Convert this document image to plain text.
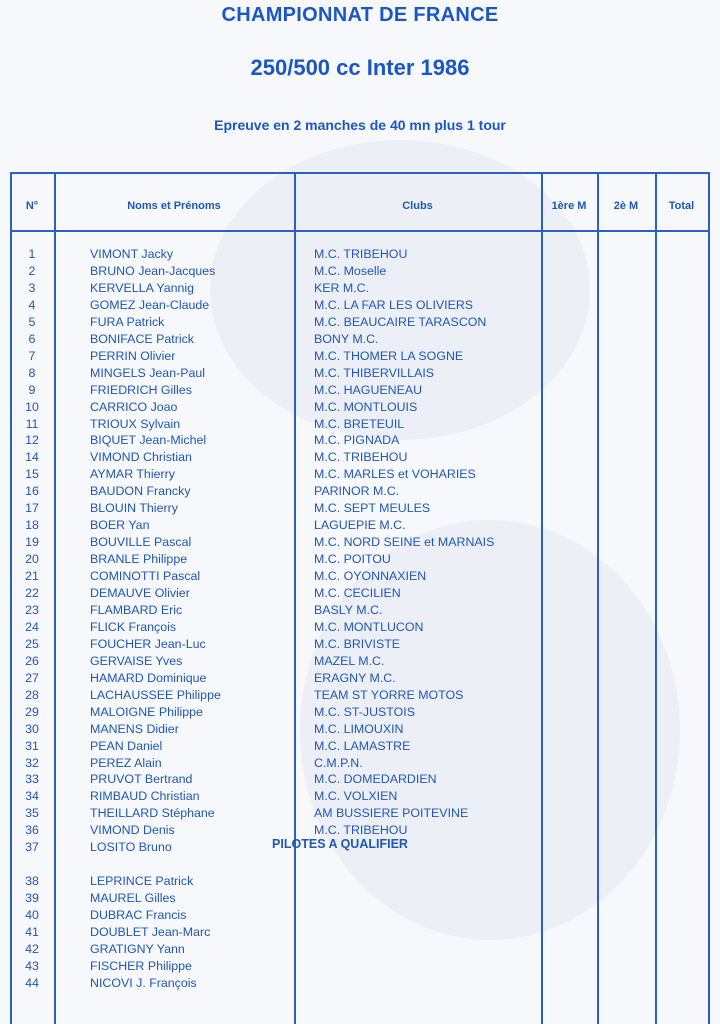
CHAMPIONNAT DE FRANCE
250/500 cc Inter 1986
Epreuve en 2 manches de 40 mn plus 1 tour
N°	Noms et Prénoms	Clubs	1ère M	2è M	Total
1	VIMONT Jacky	M.C. TRIBEHOU
2	BRUNO Jean-Jacques	M.C. Moselle
3	KERVELLA Yannig	KER M.C.
4	GOMEZ Jean-Claude	M.C. LA FAR LES OLIVIERS
5	FURA Patrick	M.C. BEAUCAIRE TARASCON
6	BONIFACE Patrick	BONY M.C.
7	PERRIN Olivier	M.C. THOMER LA SOGNE
8	MINGELS Jean-Paul	M.C. THIBERVILLAIS
9	FRIEDRICH Gilles	M.C. HAGUENEAU
10	CARRICO Joao	M.C. MONTLOUIS
11	TRIOUX Sylvain	M.C. BRETEUIL
12	BIQUET Jean-Michel	M.C. PIGNADA
14	VIMOND Christian	M.C. TRIBEHOU
15	AYMAR Thierry	M.C. MARLES et VOHARIES
16	BAUDON Francky	PARINOR M.C.
17	BLOUIN Thierry	M.C. SEPT MEULES
18	BOER Yan	LAGUEPIE M.C.
19	BOUVILLE Pascal	M.C. NORD SEINE et MARNAIS
20	BRANLE Philippe	M.C. POITOU
21	COMINOTTI Pascal	M.C. OYONNAXIEN
22	DEMAUVE Olivier	M.C. CECILIEN
23	FLAMBARD Eric	BASLY M.C.
24	FLICK François	M.C. MONTLUCON
25	FOUCHER Jean-Luc	M.C. BRIVISTE
26	GERVAISE Yves	MAZEL M.C.
27	HAMARD Dominique	ERAGNY M.C.
28	LACHAUSSEE Philippe	TEAM ST YORRE MOTOS
29	MALOIGNE Philippe	M.C. ST-JUSTOIS
30	MANENS Didier	M.C. LIMOUXIN
31	PEAN Daniel	M.C. LAMASTRE
32	PEREZ Alain	C.M.P.N.
33	PRUVOT Bertrand	M.C. DOMEDARDIEN
34	RIMBAUD Christian	M.C. VOLXIEN
35	THEILLARD Stéphane	AM BUSSIERE POITEVINE
36	VIMOND Denis	M.C. TRIBEHOU
37	LOSITO Bruno
38	LEPRINCE Patrick
39	MAUREL Gilles
40	DUBRAC Francis
41	DOUBLET Jean-Marc
42	GRATIGNY Yann
43	FISCHER Philippe
44	NICOVI J. François
PILOTES A QUALIFIER
